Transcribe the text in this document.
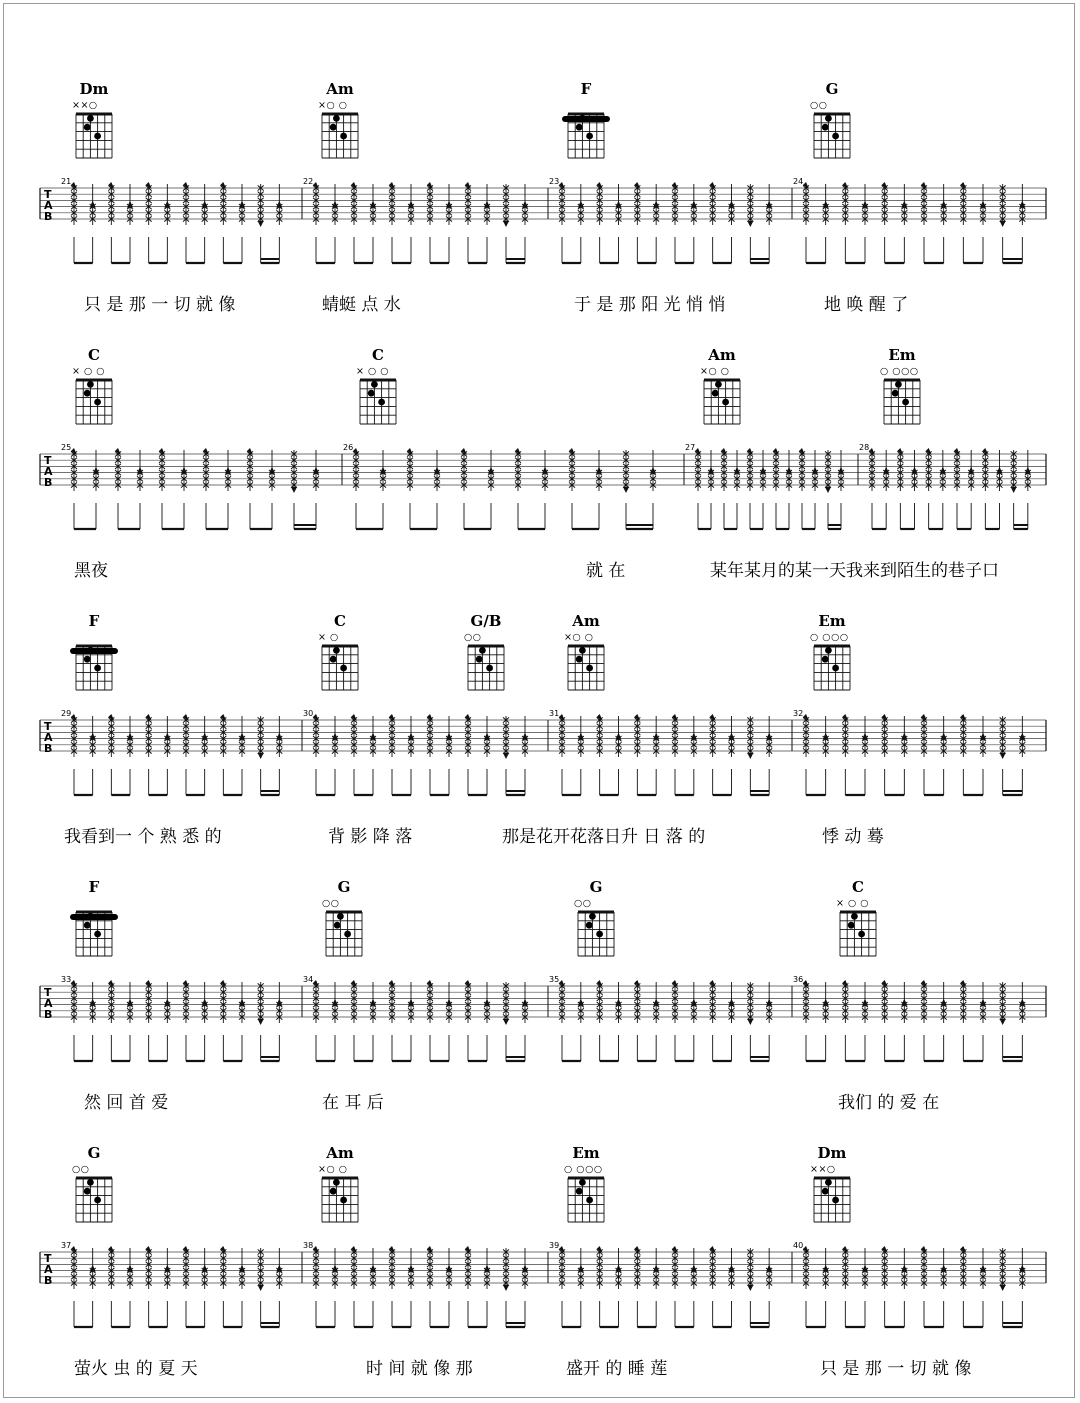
Dm
××○
Am
×○ ○
F	G
○○
T
A
B
21	22	23	24
只 是 那 一 切 就 像	蜻蜓 点 水	于 是 那 阳 光 悄 悄	地 唤 醒 了
C
× ○ ○
C
× ○ ○
Am
×○ ○
Em
○ ○○○
T
A
B
25	26	27	28
黑夜	就 在	某年某月的某一天我来到陌生的巷子口
F	C
× ○
G/B
○○
Am
×○ ○
Em
○ ○○○
T
A
B
29	30	31	32
我看到一 个 熟 悉 的	背 影 降 落	那是花开花落日升 日 落 的	悸 动 蓦
F	G
○○
G
○○
C
× ○ ○
T
A
B
33	34	35	36
然 回 首 爱	在 耳 后	我们 的 爱 在
G
○○
Am
×○ ○
Em
○ ○○○
Dm
××○
T
A
B
37	38	39	40
萤火 虫 的 夏 天	时 间 就 像 那	盛开 的 睡 莲	只 是 那 一 切 就 像
